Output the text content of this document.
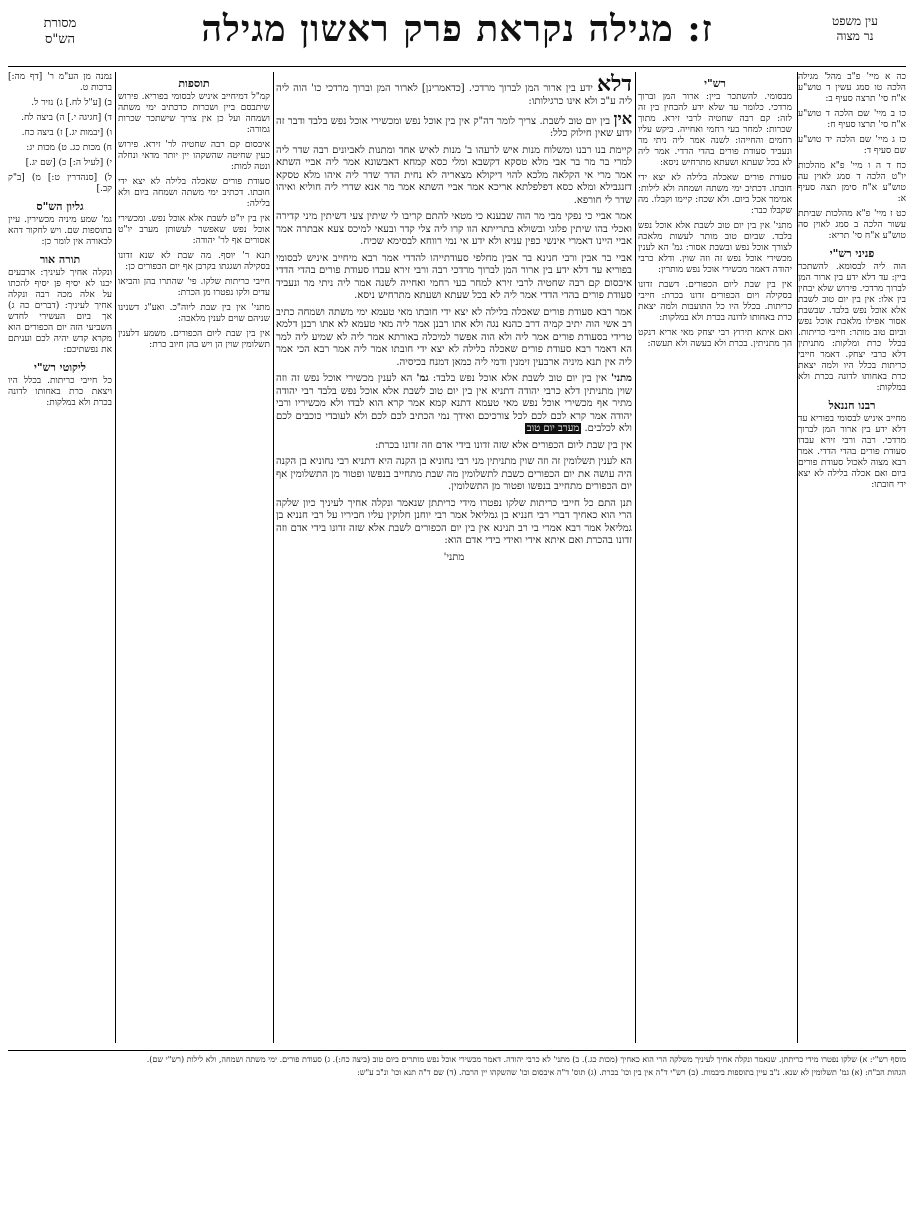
עין משפט
נר מצוה
ז: מגילה נקראת פרק ראשון מגילה
מסורת
הש"ס

כה א מיי' פ"ב מהל' מגילה הלכה טו סמג עשין ד טוש"ע א"ח סי' תרצה סעיף ב:

כו ב מיי' שם הלכה ד טוש"ע א"ח סי' תרצו סעיף ח:

כז ג מיי' שם הלכה יד טוש"ע שם סעיף ד:

כח ד ה ו מיי' פ"א מהלכות יו"ט הלכה ד סמג לאוין עה טוש"ע א"ח סימן תצה סעיף א:

כט ז מיי' פ"א מהלכות שביתת עשור הלכה ב סמג לאוין סה טוש"ע א"ח סי' תריא:

פניני רש"י

הוה ליה לבסומא. להשתכר ביין: עד דלא ידע בין ארור המן לברוך מרדכי. פירוש שלא יבחין בין אלו: אין בין יום טוב לשבת אלא אוכל נפש בלבד. שבשבת אסור אפילו מלאכת אוכל נפש וביום טוב מותר: חייבי כריתות. בכלל כרת ומלקות: מתניתין דלא כרבי יצחק. דאמר חייבי כריתות בכלל היו ולמה יצאת כרת באחותו לדונה בכרת ולא במלקות:

רבנו חננאל

מחייב איניש לבסומי בפוריא עד דלא ידע בין ארור המן לברוך מרדכי. רבה ורבי זירא עבדו סעודת פורים בהדי הדדי. אמר רבא מצוה לאכול סעודת פורים ביום ואם אכלה בלילה לא יצא ידי חובתו:

רש"י

מבסומי. להשתכר ביין: ארור המן וברוך מרדכי. כלומר עד שלא ידע להבחין בין זה לזה: קם רבה שחטיה לרבי זירא. מתוך שכרות: למחר בעי רחמי ואחייה. ביקש עליו רחמים והחייהו: לשנה אמר ליה ניתי מר ונעביד סעודת פורים בהדי הדדי. אמר ליה לא בכל שעתא ושעתא מתרחיש ניסא:

סעודת פורים שאכלה בלילה לא יצא ידי חובתו. דכתיב ימי משתה ושמחה ולא לילות: אמימר אכל ביום. ולא שכח: קיימו וקבלו. מה שקבלו כבר:

מתני' אין בין יום טוב לשבת אלא אוכל נפש בלבד. שביום טוב מותר לעשות מלאכה לצורך אוכל נפש ובשבת אסור: גמ' הא לענין מכשירי אוכל נפש זה וזה שוין. ודלא כרבי יהודה דאמר מכשירי אוכל נפש מותרין:

אין בין שבת ליום הכפורים. דשבת זדונו בסקילה ויום הכפורים זדונו בכרת: חייבי כריתות. בכלל היו כל התועבות ולמה יצאת כרת באחותו לדונה בכרת ולא במלקות:

ואם איתא תירוץ רבי יצחק מאי אריא דנקט הך מתניתין. בכרת ולא בעשה ולא תעשה:

דלא ידע בין ארור המן לברוך מרדכי. [כדאמרינן] לארור המן וברוך מרדכי כו' הוה ליה ליה ע"כ ולא אינו כרגילותו:

אין בין יום טוב לשבת. צריך לומר דה"ק אין בין אוכל נפש ומכשירי אוכל נפש בלבד ודבר זה ידוע שאין חילוק כלל:

קיימת בנו רבנו ומשלוח מנות איש לרעהו ב' מנות לאיש אחד ומתנות לאביונים רבה שדר ליה למרי בר מר בר אבי מלא טסקא דקשבא ומלי כסא קמחא דאבשונא אמר ליה אביי השתא אמר מרי אי הקלאה מלכא להוי דיקולא מצאריה לא נחית הדר שדר ליה איהו מלא טסקא דזנגבילא ומלא כסא דפלפלתא אריכא אמר אביי השתא אמר מר אנא שדרי ליה חוליא ואיהו שדר לי חורפא.

אמר אביי כי נפקי מבי מר הוה שבענא כי מטאי להתם קריבו לי שיתין צעי דשיתין מיני קדירה ואכלי בהו שיתין פלוגי ובשולא בתרייתא הוו קרו ליה צלי קדר ובעאי למיכס צעא אבתרה אמר אביי היינו דאמרי אינשי כפין עניא ולא ידע אי נמי רווחא לבסימא שכיח.

אביי בר אבין ורבי חנינא בר אבין מחלפי סעודתייהו להדדי אמר רבא מיחייב איניש לבסומי בפוריא עד דלא ידע בין ארור המן לברוך מרדכי רבה ורבי זירא עבדו סעודת פורים בהדי הדדי איבסום קם רבה שחטיה לרבי זירא למחר בעי רחמי ואחייה לשנה אמר ליה ניתי מר ונעביד סעודת פורים בהדי הדדי אמר ליה לא בכל שעתא ושעתא מתרחיש ניסא.

אמר רבא סעודת פורים שאכלה בלילה לא יצא ידי חובתו מאי טעמא ימי משתה ושמחה כתיב רב אשי הוה יתיב קמיה דרב כהנא נגה ולא אתו רבנן אמר ליה מאי טעמא לא אתו רבנן דלמא טרידי בסעודת פורים אמר ליה ולא הוה אפשר למיכלה באורתא אמר ליה לא שמיע ליה למר הא דאמר רבא סעודת פורים שאכלה בלילה לא יצא ידי חובתו אמר ליה אמר רבא הכי אמר ליה אין תנא מיניה ארבעין זימנין ודמי ליה כמאן דמנח בכיסיה.

מתני' אין בין יום טוב לשבת אלא אוכל נפש בלבד: גמ' הא לענין מכשירי אוכל נפש זה וזה שוין מתניתין דלא כרבי יהודה דתניא אין בין יום טוב לשבת אלא אוכל נפש בלבד רבי יהודה מתיר אף מכשירי אוכל נפש מאי טעמא דתנא קמא אמר קרא הוא לבדו ולא מכשיריו ורבי יהודה אמר קרא לכם לכם לכל צורכיכם ואידך נמי הכתיב לכם לכם ולא לעובדי כוכבים לכם ולא לכלבים. מערב יום טוב

אין בין שבת ליום הכפורים אלא שזה זדונו בידי אדם וזה זדונו בכרת:

הא לענין תשלומין זה וזה שוין מתניתין מני רבי נחוניא בן הקנה היא דתניא רבי נחוניא בן הקנה היה עושה את יום הכפורים כשבת לתשלומין מה שבת מתחייב בנפשו ופטור מן התשלומין אף יום הכפורים מתחייב בנפשו ופטור מן התשלומין.

תנן התם כל חייבי כריתות שלקו נפטרו מידי כריתתן שנאמר ונקלה אחיך לעיניך כיון שלקה הרי הוא כאחיך דברי רבי חנניא בן גמליאל אמר רבי יוחנן חלוקין עליו חביריו על רבי חנניא בן גמליאל אמר רבא אמרי בי רב תנינא אין בין יום הכפורים לשבת אלא שזה זדונו בידי אדם וזה זדונו בהכרת ואם איתא אידי ואידי בידי אדם הוא:

מתני'

תוספות

קמ"ל דמיחייב איניש לבסומי בפוריא. פירוש שיתבסם ביין ושכרות כדכתיב ימי משתה ושמחה ועל כן אין צריך שישתכר שכרות גמורה:

איבסום קם רבה שחטיה לר' זירא. פירוש כעין שחיטה שהשקהו יין יותר מדאי ונחלה ונטה למות:

סעודת פורים שאכלה בלילה לא יצא ידי חובתו. דכתיב ימי משתה ושמחה ביום ולא בלילה:

אין בין יו"ט לשבת אלא אוכל נפש. ומכשירי אוכל נפש שאפשר לעשותן מערב יו"ט אסורים אף לר' יהודה:

תנא ר' יוסף. מה שבת לא שנא זדונו בסקילה ושגגתו בקרבן אף יום הכפורים כן:

חייבי כריתות שלקו. פי' שהתרו בהן והביאו עדים ולקו נפטרו מן הכרת:

מתני' אין בין שבת ליוה"כ. ואע"ג דשנינו שניהם שוים לענין מלאכה:

אין בין שבת ליום הכפורים. משמע דלענין תשלומין שוין הן ויש בהן חיוב כרת:

נמנה מן הע"מ ר' [דף מה:] ברכות ט.

ב) [ע"ל לח.] ג) נזיר ל.

ד) [חגיגה י.] ה) ביצה לח.

ו) [יבמות יג.] ז) ביצה כח.

ח) מכות כג. ט) מכות יג:

י) [לעיל ה:] כ) [שם יג.]

ל) [סנהדרין ט:] מ) [ב"ק קב.]

גליון הש"ס

גמ' שמע מיניה מכשירין. עיין בתוספות שם. ויש לחקור דהא לכאורה אין לומר כן:

תורה אור

ונקלה אחיך לעיניך: ארבעים יכנו לא יסיף פן יסיף להכתו על אלה מכה רבה ונקלה אחיך לעיניך: (דברים כה ג) אך ביום העשירי לחדש השביעי הזה יום הכפורים הוא מקרא קדש יהיה לכם ועניתם את נפשתיכם:

ליקוטי רש"י

כל חייבי כריתות. בכלל היו ויצאת כרת באחותו לדונה בכרת ולא במלקות:

מוסף רש"י: א) שלקו נפטרו מידי כריתתן. שנאמר ונקלה אחיך לעיניך משלקה הרי הוא כאחיך (מכות כג.). ב) מתני' לא כרבי יהודה. דאמר מכשירי אוכל נפש מותרים ביום טוב (ביצה כח:). ג) סעודת פורים. ימי משתה ושמחה, ולא לילות (רש"י שם).

הגהות הב"ח: (א) גמ' תשלומין לא שנא. נ"ב עיין בתוספות ביבמות. (ב) רש"י ד"ה אין בין וכו' בכרת. (ג) תוס' ד"ה איבסום וכו' שהשקהו יין הרבה. (ד) שם ד"ה תנא וכו' ונ"ב ע"ש:
